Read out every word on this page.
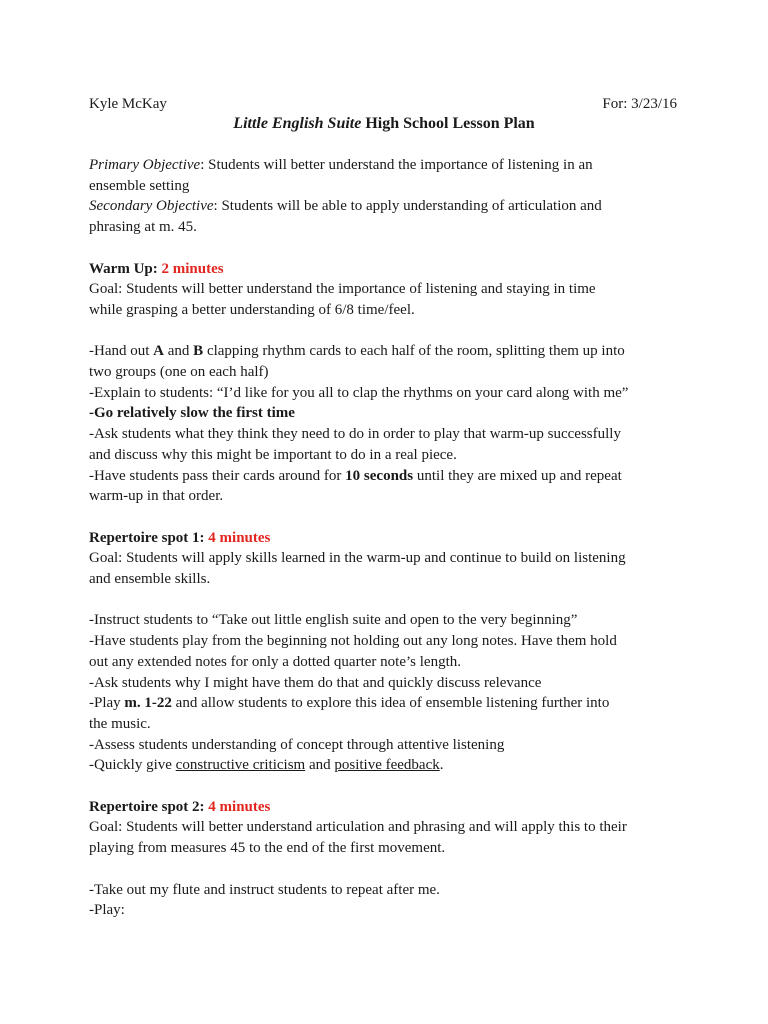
Kyle McKay	For: 3/23/16
Little English Suite High School Lesson Plan
Primary Objective: Students will better understand the importance of listening in an
ensemble setting
Secondary Objective: Students will be able to apply understanding of articulation and
phrasing at m. 45.
Warm Up: 2 minutes
Goal: Students will better understand the importance of listening and staying in time
while grasping a better understanding of 6/8 time/feel.
-Hand out A and B clapping rhythm cards to each half of the room, splitting them up into
two groups (one on each half)
-Explain to students: “I’d like for you all to clap the rhythms on your card along with me”
-Go relatively slow the first time
-Ask students what they think they need to do in order to play that warm-up successfully
and discuss why this might be important to do in a real piece.
-Have students pass their cards around for 10 seconds until they are mixed up and repeat
warm-up in that order.
Repertoire spot 1: 4 minutes
Goal: Students will apply skills learned in the warm-up and continue to build on listening
and ensemble skills.
-Instruct students to “Take out little english suite and open to the very beginning”
-Have students play from the beginning not holding out any long notes. Have them hold
out any extended notes for only a dotted quarter note’s length.
-Ask students why I might have them do that and quickly discuss relevance
-Play m. 1-22 and allow students to explore this idea of ensemble listening further into
the music.
-Assess students understanding of concept through attentive listening
-Quickly give constructive criticism and positive feedback.
Repertoire spot 2: 4 minutes
Goal: Students will better understand articulation and phrasing and will apply this to their
playing from measures 45 to the end of the first movement.
-Take out my flute and instruct students to repeat after me.
-Play:
